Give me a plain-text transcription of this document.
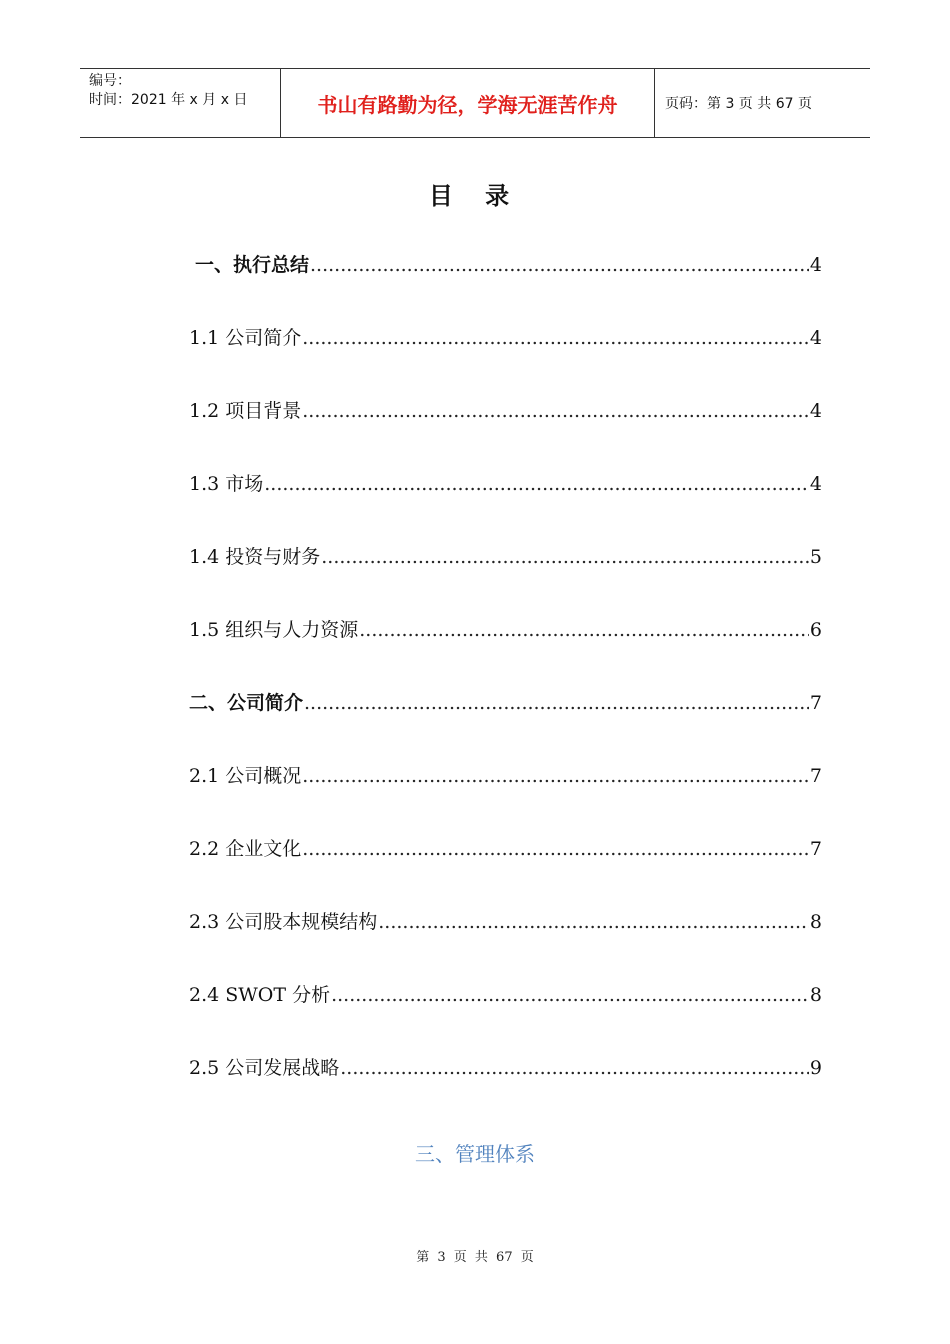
编号：
时间：2021 年 x 月 x 日	书山有路勤为径，学海无涯苦作舟	页码：第 3 页 共 67 页
目 录
一、执行总结 .....	4
1.1 公司简介 .....	4
1.2 项目背景 .....	4
1.3 市场 .....	4
1.4 投资与财务 .....	5
1.5 组织与人力资源 .....	6
二、公司简介 .....	7
2.1 公司概况 .....	7
2.2 企业文化 .....	7
2.3 公司股本规模结构 .....	8
2.4 SWOT 分析 .....	8
2.5 公司发展战略 .....	9
三、管理体系
第 3 页 共 67 页
